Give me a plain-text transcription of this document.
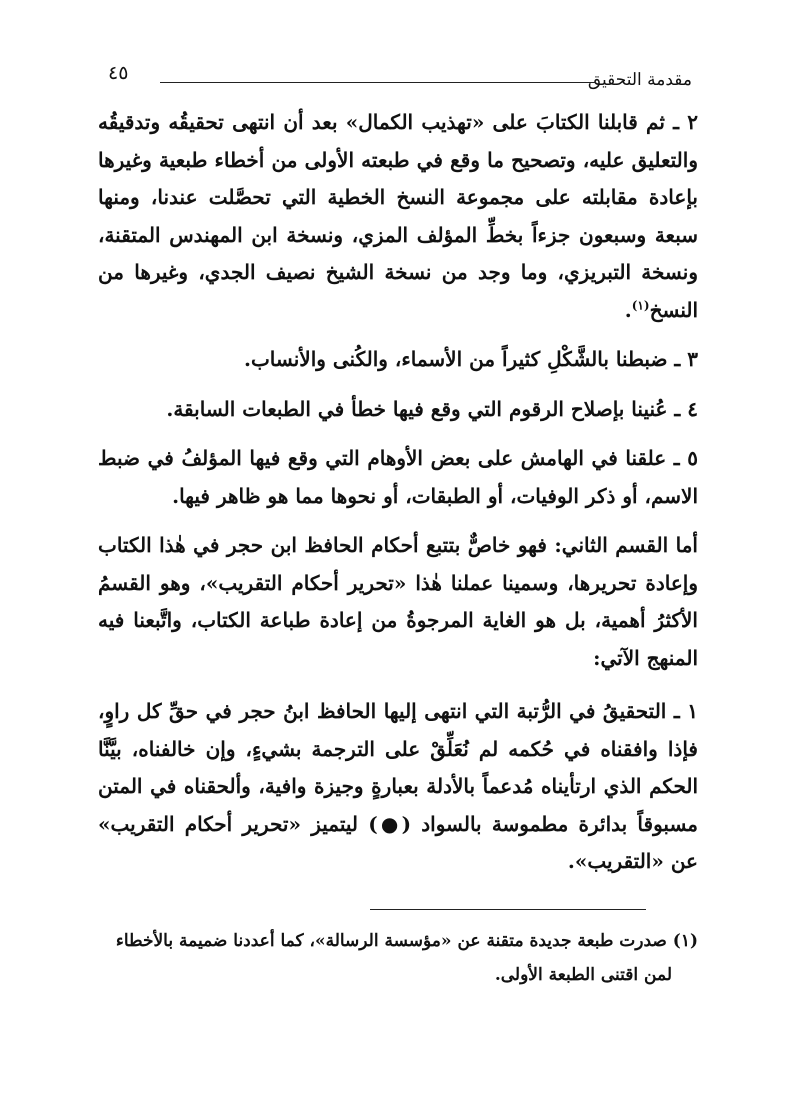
مقدمة التحقيق
٤٥

٢ ـ ثم قابلنا الكتابَ على «تهذيب الكمال» بعد أن انتهى تحقيقُه وتدقيقُه والتعليق عليه، وتصحيح ما وقع في طبعته الأولى من أخطاء طبعية وغيرها بإعادة مقابلته على مجموعة النسخ الخطية التي تحصَّلت عندنا، ومنها سبعة وسبعون جزءاً بخطِّ المؤلف المزي، ونسخة ابن المهندس المتقنة، ونسخة التبريزي، وما وجد من نسخة الشيخ نصيف الجدي، وغيرها من النسخ$^{(١)}$.

٣ ـ ضبطنا بالشَّكْلِ كثيراً من الأسماء، والكُنى والأنساب.

٤ ـ عُنينا بإصلاح الرقوم التي وقع فيها خطأ في الطبعات السابقة.

٥ ـ علقنا في الهامش على بعض الأوهام التي وقع فيها المؤلفُ في ضبط الاسم، أو ذكر الوفيات، أو الطبقات، أو نحوها مما هو ظاهر فيها.

أما القسم الثاني: فهو خاصٌّ بتتبع أحكام الحافظ ابن حجر في هٰذا الكتاب وإعادة تحريرها، وسمينا عملنا هٰذا «تحرير أحكام التقريب»، وهو القسمُ الأكثرُ أهمية، بل هو الغاية المرجوةُ من إعادة طباعة الكتاب، واتَّبعنا فيه المنهج الآتي:

١ ـ التحقيقُ في الرُّتبة التي انتهى إليها الحافظ ابنُ حجر في حقِّ كل راوٍ، فإذا وافقناه في حُكمه لم نُعَلِّقْ على الترجمة بشيءٍ، وإن خالفناه، بيَّنَّا الحكم الذي ارتأيناه مُدعماً بالأدلة بعبارةٍ وجيزة وافية، وألحقناه في المتن مسبوقاً بدائرة مطموسة بالسواد (●) ليتميز «تحرير أحكام التقريب» عن «التقريب».

(١) صدرت طبعة جديدة متقنة عن «مؤسسة الرسالة»، كما أعددنا ضميمة بالأخطاء

لمن اقتنى الطبعة الأولى.
